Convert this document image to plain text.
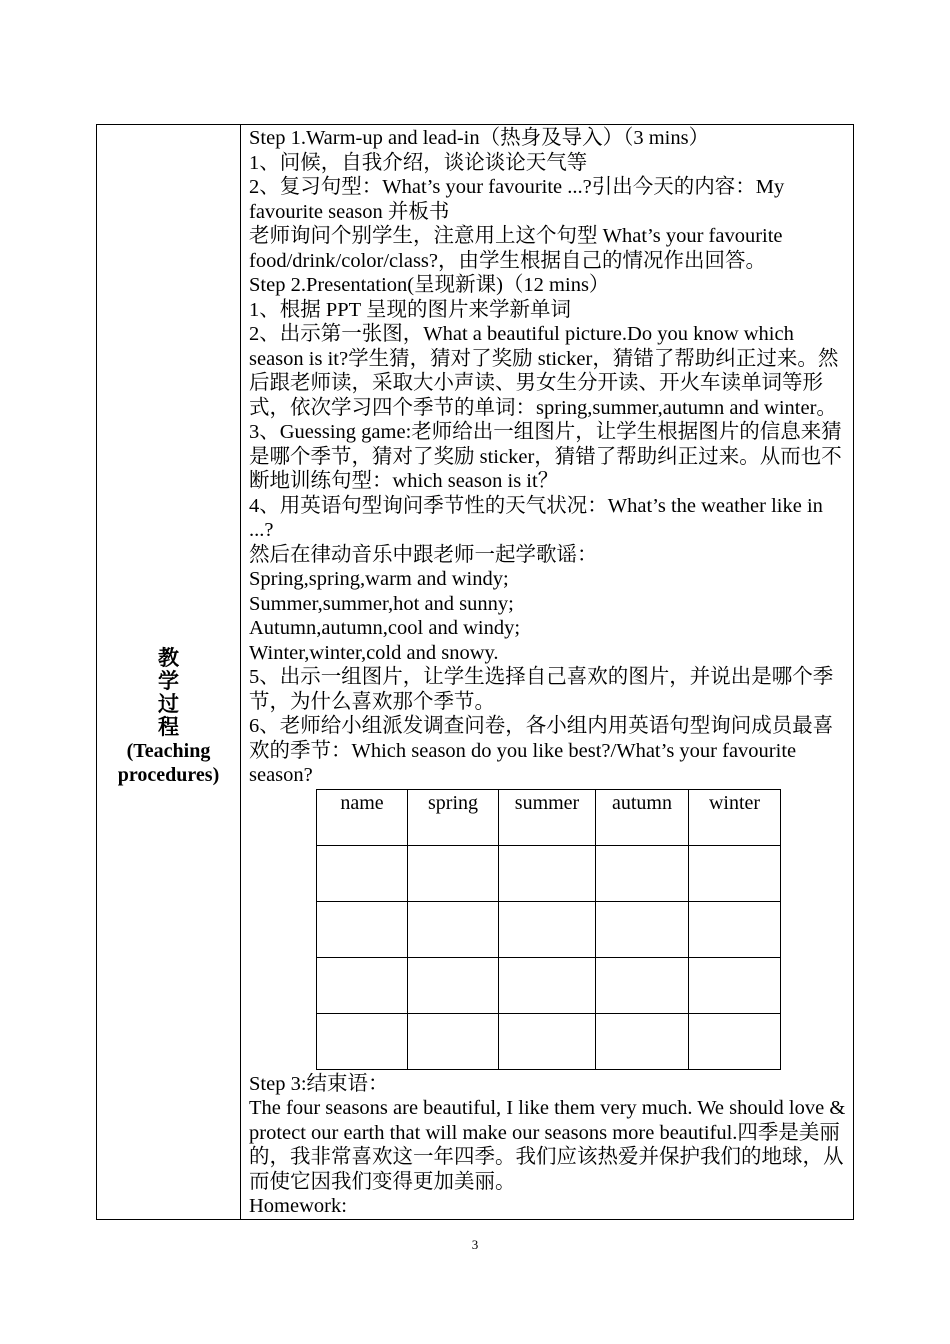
教
学
过
程
(Teaching
procedures)

Step 1.Warm-up and lead-in（热身及导入）（3 mins）

1、问候，自我介绍，谈论谈论天气等

2、复习句型：What’s your favourite ...?引出今天的内容：My favourite season 并板书

老师询问个别学生，注意用上这个句型 What’s your favourite food/drink/color/class?，由学生根据自己的情况作出回答。

Step 2.Presentation(呈现新课)（12 mins）

1、根据 PPT 呈现的图片来学新单词

2、出示第一张图，What a beautiful picture.Do you know which season is it?学生猜，猜对了奖励 sticker，猜错了帮助纠正过来。然后跟老师读，采取大小声读、男女生分开读、开火车读单词等形式，依次学习四个季节的单词：spring,summer,autumn and winter。

3、Guessing game:老师给出一组图片，让学生根据图片的信息来猜是哪个季节，猜对了奖励 sticker，猜错了帮助纠正过来。从而也不断地训练句型：which season is it？

4、用英语句型询问季节性的天气状况：What’s the weather like in ...?

然后在律动音乐中跟老师一起学歌谣：

Spring,spring,warm and windy;

Summer,summer,hot and sunny;

Autumn,autumn,cool and windy;

Winter,winter,cold and snowy.

5、出示一组图片，让学生选择自己喜欢的图片，并说出是哪个季节，为什么喜欢那个季节。

6、老师给小组派发调查问卷，各小组内用英语句型询问成员最喜欢的季节：Which season do you like best?/What’s your favourite season?

name	spring	summer	autumn	winter

Step 3:结束语：

The four seasons are beautiful, I like them very much. We should love & protect our earth that will make our seasons more beautiful.四季是美丽的，我非常喜欢这一年四季。我们应该热爱并保护我们的地球，从而使它因我们变得更加美丽。

Homework:

3
